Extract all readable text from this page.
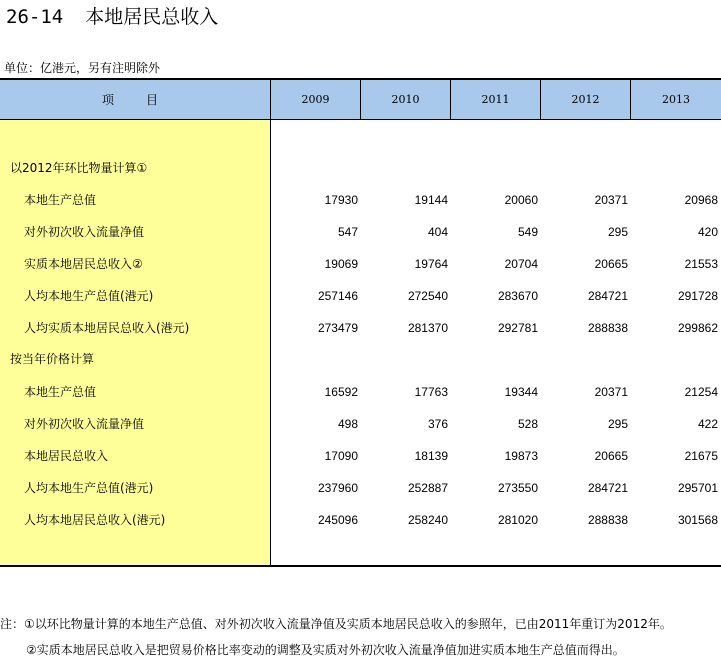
26-14 本地居民总收入
单位：亿港元，另有注明除外
项　目	2009	2010	2011	2012	2013
以2012年环比物量计算①
本地生产总值	17930	19144	20060	20371	20968
对外初次收入流量净值	547	404	549	295	420
实质本地居民总收入②	19069	19764	20704	20665	21553
人均本地生产总值(港元)	257146	272540	283670	284721	291728
人均实质本地居民总收入(港元)	273479	281370	292781	288838	299862
按当年价格计算
本地生产总值	16592	17763	19344	20371	21254
对外初次收入流量净值	498	376	528	295	422
本地居民总收入	17090	18139	19873	20665	21675
人均本地生产总值(港元)	237960	252887	273550	284721	295701
人均本地居民总收入(港元)	245096	258240	281020	288838	301568
注：①以环比物量计算的本地生产总值、对外初次收入流量净值及实质本地居民总收入的参照年，已由2011年重订为2012年。
②实质本地居民总收入是把贸易价格比率变动的调整及实质对外初次收入流量净值加进实质本地生产总值而得出。
